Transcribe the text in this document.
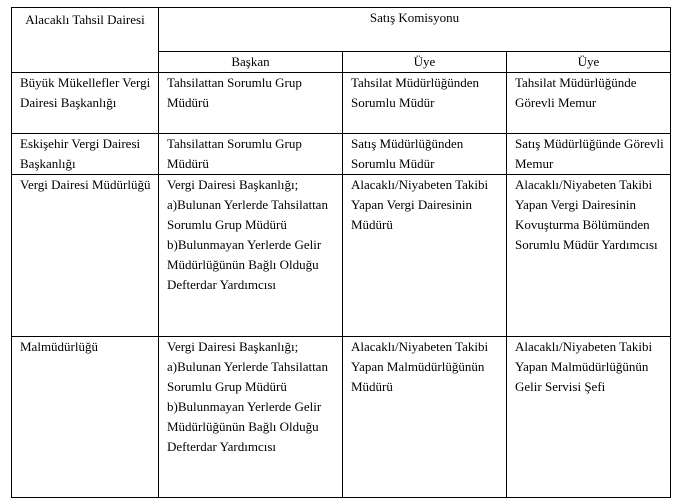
Alacaklı Tahsil Dairesi	Satış Komisyonu		
	Başkan	Üye	Üye
Büyük Mükellefler Vergi Dairesi Başkanlığı	Tahsilattan Sorumlu Grup Müdürü	Tahsilat Müdürlüğünden Sorumlu Müdür	Tahsilat Müdürlüğünde Görevli Memur
Eskişehir Vergi Dairesi Başkanlığı	Tahsilattan Sorumlu Grup Müdürü	Satış Müdürlüğünden Sorumlu Müdür	Satış Müdürlüğünde Görevli Memur
Vergi Dairesi Müdürlüğü	Vergi Dairesi Başkanlığı;
a)Bulunan Yerlerde Tahsilattan Sorumlu Grup Müdürü
b)Bulunmayan Yerlerde Gelir Müdürlüğünün Bağlı Olduğu Defterdar Yardımcısı	Alacaklı/Niyabeten Takibi Yapan Vergi Dairesinin Müdürü	Alacaklı/Niyabeten Takibi Yapan Vergi Dairesinin Kovuşturma Bölümünden Sorumlu Müdür Yardımcısı
Malmüdürlüğü	Vergi Dairesi Başkanlığı;
a)Bulunan Yerlerde Tahsilattan Sorumlu Grup Müdürü
b)Bulunmayan Yerlerde Gelir Müdürlüğünün Bağlı Olduğu Defterdar Yardımcısı	Alacaklı/Niyabeten Takibi Yapan Malmüdürlüğünün Müdürü	Alacaklı/Niyabeten Takibi Yapan Malmüdürlüğünün Gelir Servisi Şefi
